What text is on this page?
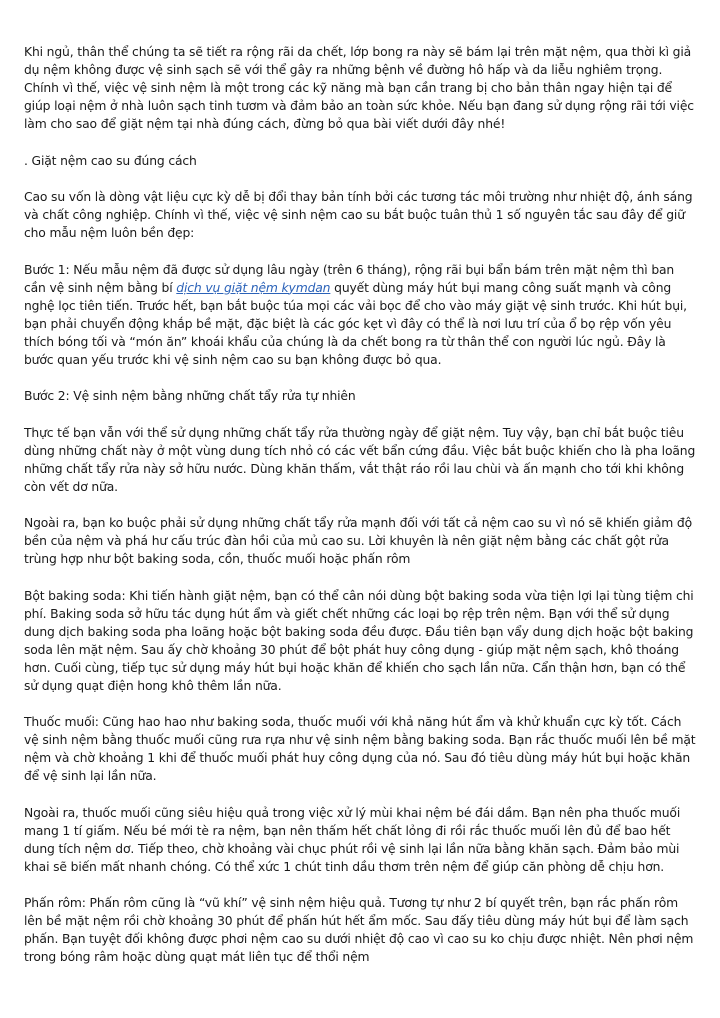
Khi ngủ, thân thể chúng ta sẽ tiết ra rộng rãi da chết, lớp bong ra này sẽ bám lại trên mặt nệm, qua thời kì giả dụ nệm không được vệ sinh sạch sẽ với thể gây ra những bệnh về đường hô hấp và da liễu nghiêm trọng. Chính vì thế, việc vệ sinh nệm là một trong các kỹ năng mà bạn cần trang bị cho bản thân ngay hiện tại để giúp loại nệm ở nhà luôn sạch tinh tươm và đảm bảo an toàn sức khỏe. Nếu bạn đang sử dụng rộng rãi tới việc làm cho sao để giặt nệm tại nhà đúng cách, đừng bỏ qua bài viết dưới đây nhé!

. Giặt nệm cao su đúng cách

Cao su vốn là dòng vật liệu cực kỳ dễ bị đổi thay bản tính bởi các tương tác môi trường như nhiệt độ, ánh sáng và chất công nghiệp. Chính vì thế, việc vệ sinh nệm cao su bắt buộc tuân thủ 1 số nguyên tắc sau đây để giữ cho mẫu nệm luôn bền đẹp:

Bước 1: Nếu mẫu nệm đã được sử dụng lâu ngày (trên 6 tháng), rộng rãi bụi bẩn bám trên mặt nệm thì ban cần vệ sinh nệm bằng bí dịch vụ giặt nệm kymdan quyết dùng máy hút bụi mang công suất mạnh và công nghệ lọc tiên tiến. Trước hết, bạn bắt buộc túa mọi các vải bọc để cho vào máy giặt vệ sinh trước. Khi hút bụi, bạn phải chuyển động khắp bề mặt, đặc biệt là các góc kẹt vì đây có thể là nơi lưu trí của ổ bọ rệp vốn yêu thích bóng tối và “món ăn” khoái khẩu của chúng là da chết bong ra từ thân thể con người lúc ngủ. Đây là bước quan yếu trước khi vệ sinh nệm cao su bạn không được bỏ qua.

Bước 2: Vệ sinh nệm bằng những chất tẩy rửa tự nhiên

Thực tế bạn vẫn với thể sử dụng những chất tẩy rửa thường ngày để giặt nệm. Tuy vậy, bạn chỉ bắt buộc tiêu dùng những chất này ở một vùng dung tích nhỏ có các vết bẩn cứng đầu. Việc bắt buộc khiến cho là pha loãng những chất tẩy rửa này sở hữu nước. Dùng khăn thấm, vắt thật ráo rồi lau chùi và ấn mạnh cho tới khi không còn vết dơ nữa.

Ngoài ra, bạn ko buộc phải sử dụng những chất tẩy rửa mạnh đối với tất cả nệm cao su vì nó sẽ khiến giảm độ bền của nệm và phá hư cấu trúc đàn hồi của mủ cao su. Lời khuyên là nên giặt nệm bằng các chất gột rửa trùng hợp như bột baking soda, cồn, thuốc muối hoặc phấn rôm

Bột baking soda: Khi tiến hành giặt nệm, bạn có thể cân nói dùng bột baking soda vừa tiện lợi lại tùng tiệm chi phí. Baking soda sở hữu tác dụng hút ẩm và giết chết những các loại bọ rệp trên nệm. Bạn với thể sử dụng dung dịch baking soda pha loãng hoặc bột baking soda đều được. Đầu tiên bạn vẩy dung dịch hoặc bột baking soda lên mặt nệm. Sau ấy chờ khoảng 30 phút để bột phát huy công dụng - giúp mặt nệm sạch, khô thoáng hơn. Cuối cùng, tiếp tục sử dụng máy hút bụi hoặc khăn để khiến cho sạch lần nữa. Cẩn thận hơn, bạn có thể sử dụng quạt điện hong khô thêm lần nữa.

Thuốc muối: Cũng hao hao như baking soda, thuốc muối với khả năng hút ẩm và khử khuẩn cực kỳ tốt. Cách vệ sinh nệm bằng thuốc muối cũng rưa rựa như vệ sinh nệm bằng baking soda. Bạn rắc thuốc muối lên bề mặt nệm và chờ khoảng 1 khi để thuốc muối phát huy công dụng của nó. Sau đó tiêu dùng máy hút bụi hoặc khăn để vệ sinh lại lần nữa.

Ngoài ra, thuốc muối cũng siêu hiệu quả trong việc xử lý mùi khai nệm bé đái dầm. Bạn nên pha thuốc muối mang 1 tí giấm. Nếu bé mới tè ra nệm, bạn nên thấm hết chất lỏng đi rồi rắc thuốc muối lên đủ để bao hết dung tích nệm dơ. Tiếp theo, chờ khoảng vài chục phút rồi vệ sinh lại lần nữa bằng khăn sạch. Đảm bảo mùi khai sẽ biến mất nhanh chóng. Có thể xức 1 chút tinh dầu thơm trên nệm để giúp căn phòng dễ chịu hơn.

Phấn rôm: Phấn rôm cũng là “vũ khí” vệ sinh nệm hiệu quả. Tương tự như 2 bí quyết trên, bạn rắc phấn rôm lên bề mặt nệm rồi chờ khoảng 30 phút để phấn hút hết ẩm mốc. Sau đấy tiêu dùng máy hút bụi để làm sạch phấn. Bạn tuyệt đối không được phơi nệm cao su dưới nhiệt độ cao vì cao su ko chịu được nhiệt. Nên phơi nệm trong bóng râm hoặc dùng quạt mát liên tục để thổi nệm
